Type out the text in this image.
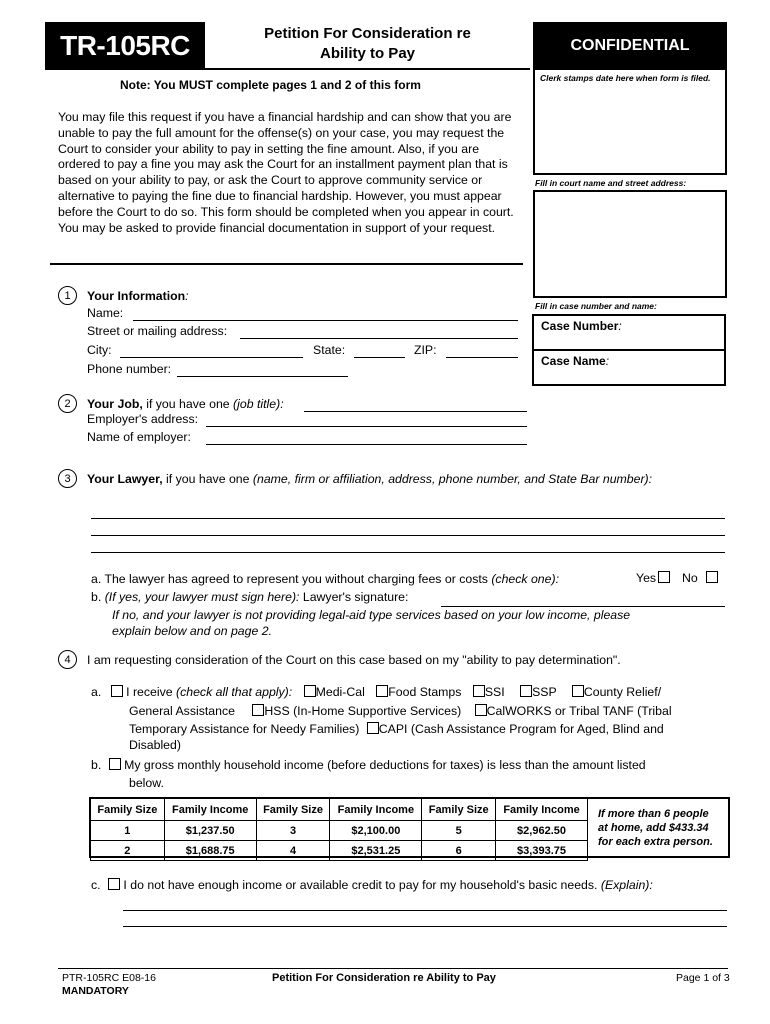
TR-105RC	Petition For Consideration re
Ability to Pay	CONFIDENTIAL
Note: You MUST complete pages 1 and 2 of this form	Clerk stamps date here when form is filed.
Fill in court name and street address:
Fill in case number and name:
Case Number:
Case Name:
You may file this request if you have a financial hardship and can show that you are
unable to pay the full amount for the offense(s) on your case, you may request the
Court to consider your ability to pay in setting the fine amount. Also, if you are
ordered to pay a fine you may ask the Court for an installment payment plan that is
based on your ability to pay, or ask the Court to approve community service or
alternative to paying the fine due to financial hardship. However, you must appear
before the Court to do so. This form should be completed when you appear in court.
You may be asked to provide financial documentation in support of your request.
1	Your Information:
Name:
Street or mailing address:
City:	State:	ZIP:
Phone number:
2	Your Job, if you have one (job title):
Employer's address:
Name of employer:
3	Your Lawyer, if you have one (name, firm or affiliation, address, phone number, and State Bar number):
a. The lawyer has agreed to represent you without charging fees or costs (check one):	Yes	No
b. (If yes, your lawyer must sign here): Lawyer's signature:
If no, and your lawyer is not providing legal-aid type services based on your low income, please
explain below and on page 2.
4	I am requesting consideration of the Court on this case based on my "ability to pay determination".
a. I receive (check all that apply): Medi-Cal Food Stamps SSI SSP County Relief/
General Assistance HSS (In-Home Supportive Services) CalWORKS or Tribal TANF (Tribal
Temporary Assistance for Needy Families) CAPI (Cash Assistance Program for Aged, Blind and
Disabled)
b. My gross monthly household income (before deductions for taxes) is less than the amount listed
below.
Family Size	Family Income	Family Size	Family Income	Family Size	Family Income
1	$1,237.50	3	$2,100.00	5	$2,962.50
2	$1,688.75	4	$2,531.25	6	$3,393.75
If more than 6 people
at home, add $433.34
for each extra person.
c. I do not have enough income or available credit to pay for my household's basic needs. (Explain):
PTR-105RC E08-16
MANDATORY
Petition For Consideration re Ability to Pay	Page 1 of 3
